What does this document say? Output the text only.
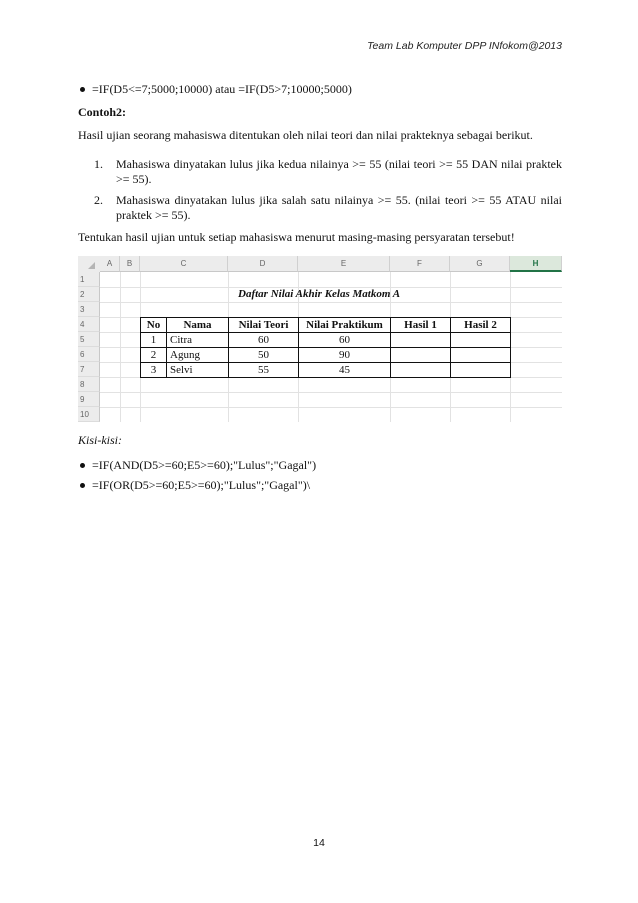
Team Lab Komputer DPP INfokom@2013
=IF(D5<=7;5000;10000) atau =IF(D5>7;10000;5000)
Contoh2:
Hasil ujian seorang mahasiswa ditentukan oleh nilai teori dan nilai prakteknya sebagai berikut.
1. Mahasiswa dinyatakan lulus jika kedua nilainya >= 55 (nilai teori >= 55 DAN nilai praktek >= 55).
2. Mahasiswa dinyatakan lulus jika salah satu nilainya >= 55. (nilai teori >= 55 ATAU nilai praktek >= 55).
Tentukan hasil ujian untuk setiap mahasiswa menurut masing-masing persyaratan tersebut!
A	B	C	D	E	F	G	H
1
2
3
4
5
6
7
8
9
10
Daftar Nilai Akhir Kelas Matkom A
No	Nama	Nilai Teori	Nilai Praktikum	Hasil 1	Hasil 2
1	Citra	60	60		
2	Agung	50	90		
3	Selvi	55	45		
Kisi-kisi:
=IF(AND(D5>=60;E5>=60);"Lulus";"Gagal")
=IF(OR(D5>=60;E5>=60);"Lulus";"Gagal")\
14
